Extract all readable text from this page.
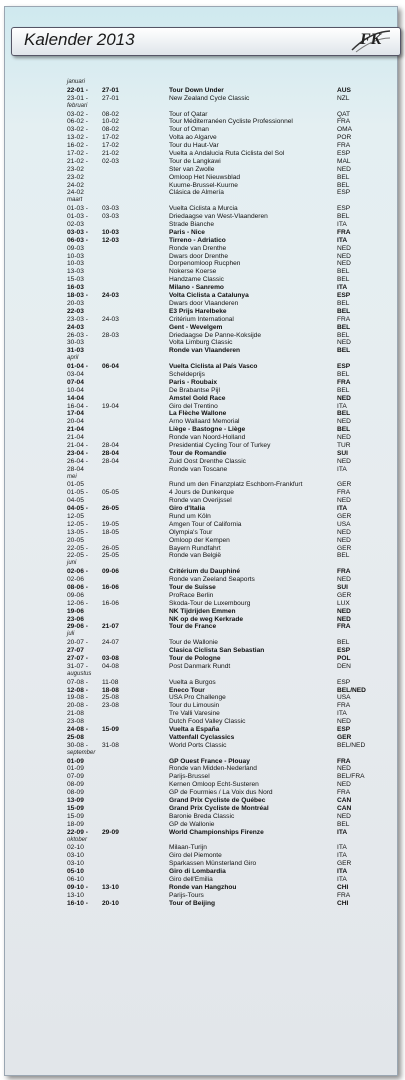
Kalender 2013	FK
januari
22-01 - 27-01	Tour Down Under	AUS
23-01 - 27-01	New Zealand Cycle Classic	NZL
februari
03-02 - 08-02	Tour of Qatar	QAT
06-02 - 10-02	Tour Méditerranéen Cycliste Professionnel	FRA
03-02 - 08-02	Tour of Oman	OMA
13-02 - 17-02	Volta ao Algarve	POR
16-02 - 17-02	Tour du Haut-Var	FRA
17-02 - 21-02	Vuelta a Andalucia Ruta Ciclista del Sol	ESP
21-02 - 02-03	Tour de Langkawi	MAL
23-02	Ster van Zwolle	NED
23-02	Omloop Het Nieuwsblad	BEL
24-02	Kuurne-Brussel-Kuurne	BEL
24-02	Clásica de Almería	ESP
maart
01-03 - 03-03	Vuelta Ciclista a Murcia	ESP
01-03 - 03-03	Driedaagse van West-Vlaanderen	BEL
02-03	Strade Bianche	ITA
03-03 - 10-03	Paris - Nice	FRA
06-03 - 12-03	Tirreno - Adriatico	ITA
09-03	Ronde van Drenthe	NED
10-03	Dwars door Drenthe	NED
10-03	Dorpenomloop Rucphen	NED
13-03	Nokerse Koerse	BEL
15-03	Handzame Classic	BEL
16-03	Milano - Sanremo	ITA
18-03 - 24-03	Volta Ciclista a Catalunya	ESP
20-03	Dwars door Vlaanderen	BEL
22-03	E3 Prijs Harelbeke	BEL
23-03 - 24-03	Critérium International	FRA
24-03	Gent - Wevelgem	BEL
26-03 - 28-03	Driedaagse De Panne-Koksijde	BEL
30-03	Volta Limburg Classic	NED
31-03	Ronde van Vlaanderen	BEL
april
01-04 - 06-04	Vuelta Ciclista al País Vasco	ESP
03-04	Scheldeprijs	BEL
07-04	Paris - Roubaix	FRA
10-04	De Brabantse Pijl	BEL
14-04	Amstel Gold Race	NED
16-04 - 19-04	Giro del Trentino	ITA
17-04	La Flèche Wallone	BEL
20-04	Arno Wallaard Memorial	NED
21-04	Liège - Bastogne - Liège	BEL
21-04	Ronde van Noord-Holland	NED
21-04 - 28-04	Presidential Cycling Tour of Turkey	TUR
23-04 - 28-04	Tour de Romandie	SUI
26-04 - 28-04	Zuid Oost Drenthe Classic	NED
28-04	Ronde van Toscane	ITA
mei
01-05	Rund um den Finanzplatz Eschborn-Frankfurt	GER
01-05 - 05-05	4 Jours de Dunkerque	FRA
04-05	Ronde van Overijssel	NED
04-05 - 26-05	Giro d'Italia	ITA
12-05	Rund um Köln	GER
12-05 - 19-05	Amgen Tour of California	USA
13-05 - 18-05	Olympia's Tour	NED
20-05	Omloop der Kempen	NED
22-05 - 26-05	Bayern Rundfahrt	GER
22-05 - 25-05	Ronde van België	BEL
juni
02-06 - 09-06	Critérium du Dauphiné	FRA
02-06	Ronde van Zeeland Seaports	NED
08-06 - 16-06	Tour de Suisse	SUI
09-06	ProRace Berlin	GER
12-06 - 16-06	Skoda-Tour de Luxembourg	LUX
19-06	NK Tijdrijden Emmen	NED
23-06	NK op de weg Kerkrade	NED
29-06 - 21-07	Tour de France	FRA
juli
20-07 - 24-07	Tour de Wallonie	BEL
27-07	Clasica Ciclista San Sebastian	ESP
27-07 - 03-08	Tour de Pologne	POL
31-07 - 04-08	Post Danmark Rundt	DEN
augustus
07-08 - 11-08	Vuelta a Burgos	ESP
12-08 - 18-08	Eneco Tour	BEL/NED
19-08 - 25-08	USA Pro Challenge	USA
20-08 - 23-08	Tour du Limousin	FRA
21-08	Tre Valli Varesine	ITA
23-08	Dutch Food Valley Classic	NED
24-08 - 15-09	Vuelta a España	ESP
25-08	Vattenfall Cyclassics	GER
30-08 - 31-08	World Ports Classic	BEL/NED
september
01-09	GP Ouest France - Plouay	FRA
01-09	Ronde van Midden-Nederland	NED
07-09	Parijs-Brussel	BEL/FRA
08-09	Kernen Omloop Echt-Susteren	NED
08-09	GP de Fourmies / La Voix dus Nord	FRA
13-09	Grand Prix Cycliste de Québec	CAN
15-09	Grand Prix Cycliste de Montréal	CAN
15-09	Baronie Breda Classic	NED
18-09	GP de Wallonie	BEL
22-09 - 29-09	World Championships Firenze	ITA
oktober
02-10	Milaan-Turijn	ITA
03-10	Giro del Piemonte	ITA
03-10	Sparkassen Münsterland Giro	GER
05-10	Giro di Lombardia	ITA
06-10	Giro dell'Emilia	ITA
09-10 - 13-10	Ronde van Hangzhou	CHI
13-10	Parijs-Tours	FRA
16-10 - 20-10	Tour of Beijing	CHI
